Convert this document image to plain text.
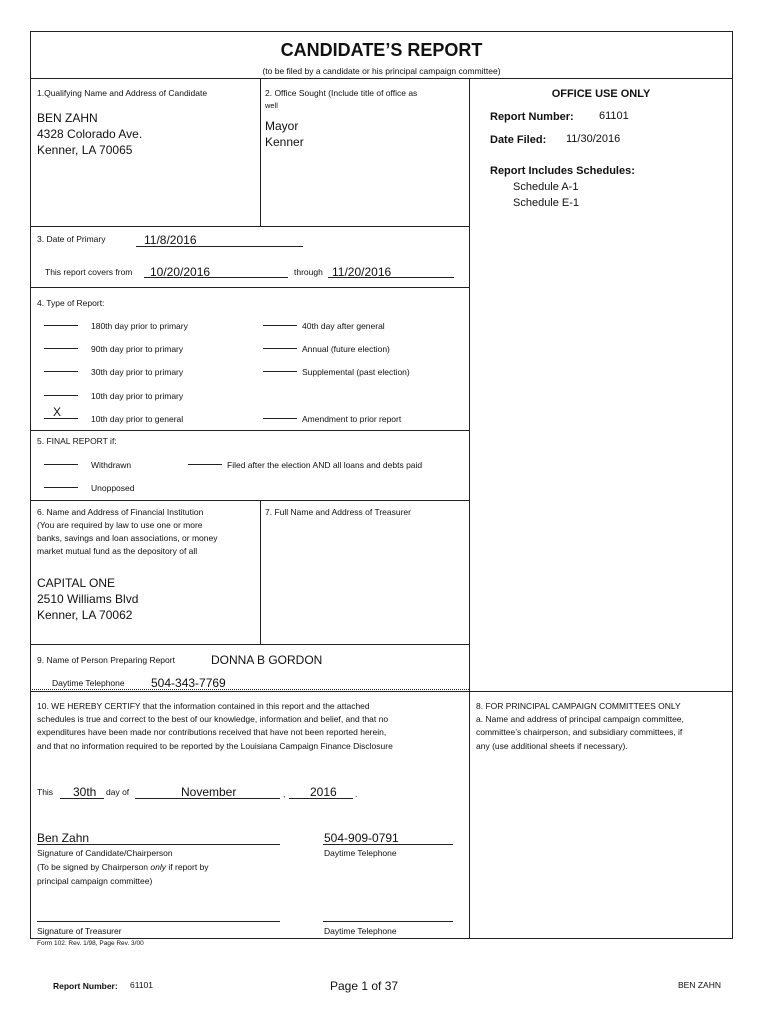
CANDIDATE’S REPORT
(to be filed by a candidate or his principal campaign committee)
1.Qualifying Name and Address of Candidate
BEN ZAHN
4328 Colorado Ave.
Kenner, LA 70065
2. Office Sought (Include title of office as
well
Mayor
Kenner
OFFICE USE ONLY
Report Number: 61101
Date Filed: 11/30/2016
Report Includes Schedules:
Schedule A-1
Schedule E-1
3. Date of Primary	11/8/2016
This report covers from 10/20/2016	through 11/20/2016
4. Type of Report:
180th day prior to primary
90th day prior to primary
30th day prior to primary
10th day prior to primary
X	10th day prior to general
40th day after general
Annual (future election)
Supplemental (past election)
Amendment to prior report
5. FINAL REPORT if:
Withdrawn	Filed after the election AND all loans and debts paid
Unopposed
6. Name and Address of Financial Institution
(You are required by law to use one or more
banks, savings and loan associations, or money
market mutual fund as the depository of all
CAPITAL ONE
2510 Williams Blvd
Kenner, LA 70062
7. Full Name and Address of Treasurer
9. Name of Person Preparing Report	DONNA B GORDON
Daytime Telephone 504-343-7769
10. WE HEREBY CERTIFY that the information contained in this report and the attached
schedules is true and correct to the best of our knowledge, information and belief, and that no
expenditures have been made nor contributions received that have not been reported herein,
and that no information required to be reported by the Louisiana Campaign Finance Disclosure
This 30th day of	November	, 2016 .
Ben Zahn
Signature of Candidate/Chairperson
(To be signed by Chairperson only if report by
principal campaign committee)
504-909-0791
Daytime Telephone
Signature of Treasurer	Daytime Telephone
8. FOR PRINCIPAL CAMPAIGN COMMITTEES ONLY
a. Name and address of principal campaign committee,
committee’s chairperson, and subsidiary committees, if
any (use additional sheets if necessary).
Form 102. Rev. 1/98, Page Rev. 3/00
Report Number: 61101	Page 1 of 37	BEN ZAHN
